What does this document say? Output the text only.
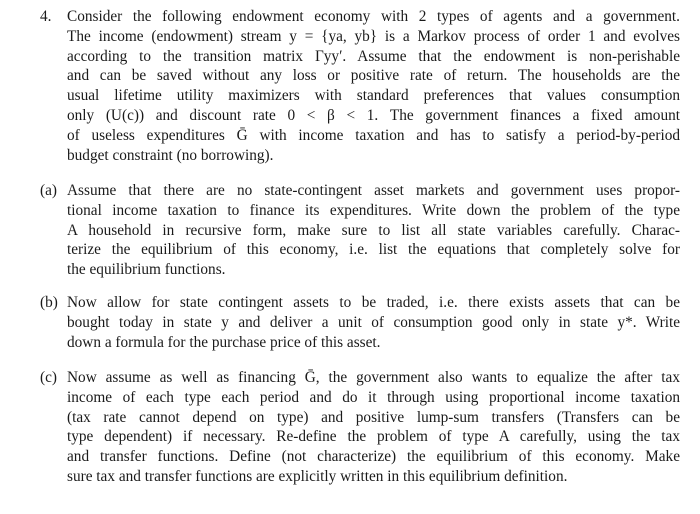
4. Consider the following endowment economy with 2 types of agents and a government.
The income (endowment) stream y = {ya, yb} is a Markov process of order 1 and evolves
according to the transition matrix Γyy′. Assume that the endowment is non-perishable
and can be saved without any loss or positive rate of return. The households are the
usual lifetime utility maximizers with standard preferences that values consumption
only (U(c)) and discount rate 0 < β < 1. The government finances a fixed amount
of useless expenditures Ḡ with income taxation and has to satisfy a period-by-period
budget constraint (no borrowing).
(a) Assume that there are no state-contingent asset markets and government uses propor-
tional income taxation to finance its expenditures. Write down the problem of the type
A household in recursive form, make sure to list all state variables carefully. Charac-
terize the equilibrium of this economy, i.e. list the equations that completely solve for
the equilibrium functions.
(b) Now allow for state contingent assets to be traded, i.e. there exists assets that can be
bought today in state y and deliver a unit of consumption good only in state y*. Write
down a formula for the purchase price of this asset.
(c) Now assume as well as financing Ḡ, the government also wants to equalize the after tax
income of each type each period and do it through using proportional income taxation
(tax rate cannot depend on type) and positive lump-sum transfers (Transfers can be
type dependent) if necessary. Re-define the problem of type A carefully, using the tax
and transfer functions. Define (not characterize) the equilibrium of this economy. Make
sure tax and transfer functions are explicitly written in this equilibrium definition.
